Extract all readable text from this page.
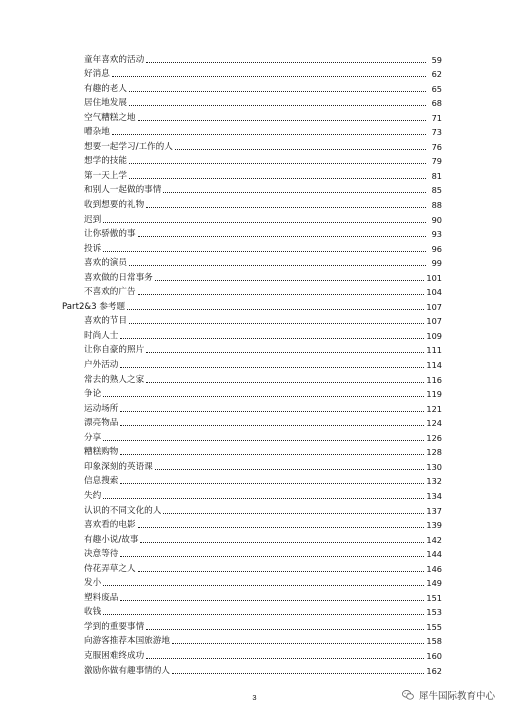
童年喜欢的活动	59
好消息	62
有趣的老人	65
居住地发展	68
空气糟糕之地	71
嘈杂地	73
想要一起学习/工作的人	76
想学的技能	79
第一天上学	81
和别人一起做的事情	85
收到想要的礼物	88
迟到	90
让你骄傲的事	93
投诉	96
喜欢的演员	99
喜欢做的日常事务	101
不喜欢的广告	104
Part2&3 参考题	107
喜欢的节目	107
时尚人士	109
让你自豪的照片	111
户外活动	114
常去的熟人之家	116
争论	119
运动场所	121
漂亮物品	124
分享	126
糟糕购物	128
印象深刻的英语课	130
信息搜索	132
失约	134
认识的不同文化的人	137
喜欢看的电影	139
有趣小说/故事	142
决意等待	144
侍花弄草之人	146
发小	149
塑料废品	151
收钱	153
学到的重要事情	155
向游客推荐本国旅游地	158
克服困难终成功	160
激励你做有趣事情的人	162
3	犀牛国际教育中心
